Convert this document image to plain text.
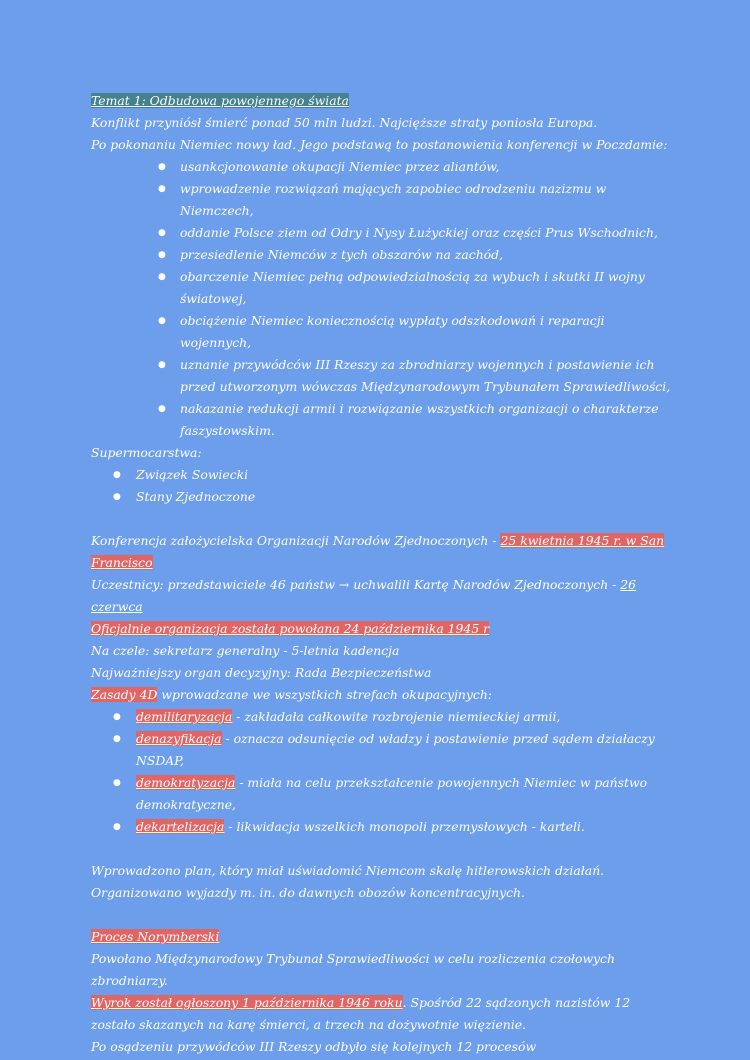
Temat 1: Odbudowa powojennego świata

Konflikt przyniósł śmierć ponad 50 mln ludzi. Najcięższe straty poniosła Europa.

Po pokonaniu Niemiec nowy ład. Jego podstawą to postanowienia konferencji w Poczdamie:

● usankcjonowanie okupacji Niemiec przez aliantów,
● wprowadzenie rozwiązań mających zapobiec odrodzeniu nazizmu w Niemczech,
● oddanie Polsce ziem od Odry i Nysy Łużyckiej oraz części Prus Wschodnich,
● przesiedlenie Niemców z tych obszarów na zachód,
● obarczenie Niemiec pełną odpowiedzialnością za wybuch i skutki II wojny światowej,
● obciążenie Niemiec koniecznością wypłaty odszkodowań i reparacji wojennych,
● uznanie przywódców III Rzeszy za zbrodniarzy wojennych i postawienie ich przed utworzonym wówczas Międzynarodowym Trybunałem Sprawiedliwości,
● nakazanie redukcji armii i rozwiązanie wszystkich organizacji o charakterze faszystowskim.

Supermocarstwa:

● Związek Sowiecki
● Stany Zjednoczone

Konferencja założycielska Organizacji Narodów Zjednoczonych - 25 kwietnia 1945 r. w San Francisco

Uczestnicy: przedstawiciele 46 państw → uchwalili Kartę Narodów Zjednoczonych - 26 czerwca

Oficjalnie organizacja została powołana 24 października 1945 r

Na czele: sekretarz generalny - 5-letnia kadencja

Najważniejszy organ decyzyjny: Rada Bezpieczeństwa

Zasady 4D wprowadzane we wszystkich strefach okupacyjnych:

● demilitaryzacja - zakładała całkowite rozbrojenie niemieckiej armii,
● denazyfikacja - oznacza odsunięcie od władzy i postawienie przed sądem działaczy NSDAP,
● demokratyzacja - miała na celu przekształcenie powojennych Niemiec w państwo demokratyczne,
● dekartelizacja - likwidacja wszelkich monopoli przemysłowych - karteli.

Wprowadzono plan, który miał uświadomić Niemcom skalę hitlerowskich działań.

Organizowano wyjazdy m. in. do dawnych obozów koncentracyjnych.

Proces Norymberski

Powołano Międzynarodowy Trybunał Sprawiedliwości w celu rozliczenia czołowych zbrodniarzy.

Wyrok został ogłoszony 1 października 1946 roku. Spośród 22 sądzonych nazistów 12 zostało skazanych na karę śmierci, a trzech na dożywotnie więzienie.

Po osądzeniu przywódców III Rzeszy odbyło się kolejnych 12 procesów
